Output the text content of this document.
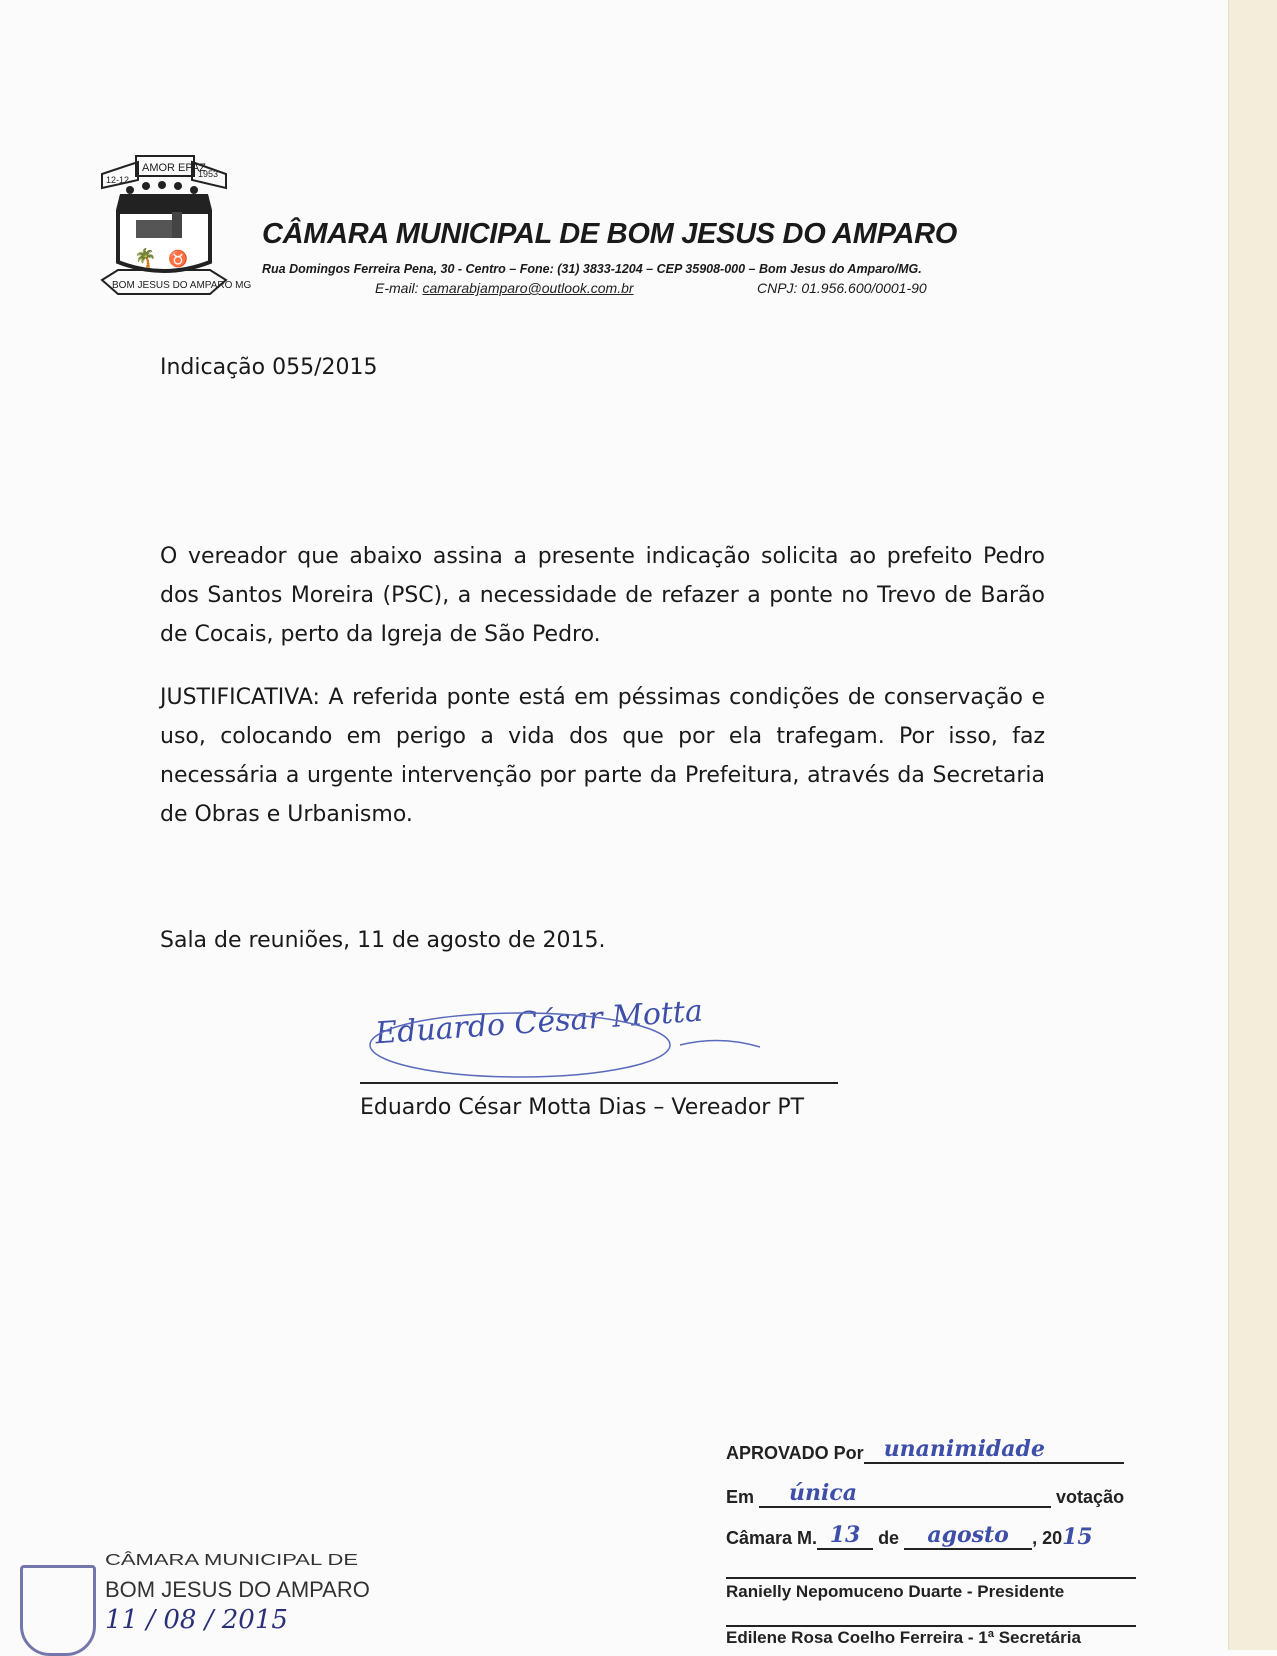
AMOR EPAZ
12-12
1953
🌴 ♉
BOM JESUS DO AMPARO MG
CÂMARA MUNICIPAL DE BOM JESUS DO AMPARO
Rua Domingos Ferreira Pena, 30 - Centro – Fone: (31) 3833-1204 – CEP 35908-000 – Bom Jesus do Amparo/MG.
E-mail: camarabjamparo@outlook.com.br	CNPJ: 01.956.600/0001-90
Indicação 055/2015
O vereador que abaixo assina a presente indicação solicita ao prefeito Pedro dos Santos Moreira (PSC), a necessidade de refazer a ponte no Trevo de Barão de Cocais, perto da Igreja de São Pedro.
JUSTIFICATIVA: A referida ponte está em péssimas condições de conservação e uso, colocando em perigo a vida dos que por ela trafegam. Por isso, faz necessária a urgente intervenção por parte da Prefeitura, através da Secretaria de Obras e Urbanismo.
Sala de reuniões, 11 de agosto de 2015.
Eduardo César Motta
Eduardo César Motta Dias – Vereador PT
APROVADO Por unanimidade
Em única	votação
Câmara M. 13 de agosto , 2015
Ranielly Nepomuceno Duarte - Presidente
Edilene Rosa Coelho Ferreira - 1ª Secretária
CÂMARA MUNICIPAL DE
BOM JESUS DO AMPARO
11 / 08 / 2015
